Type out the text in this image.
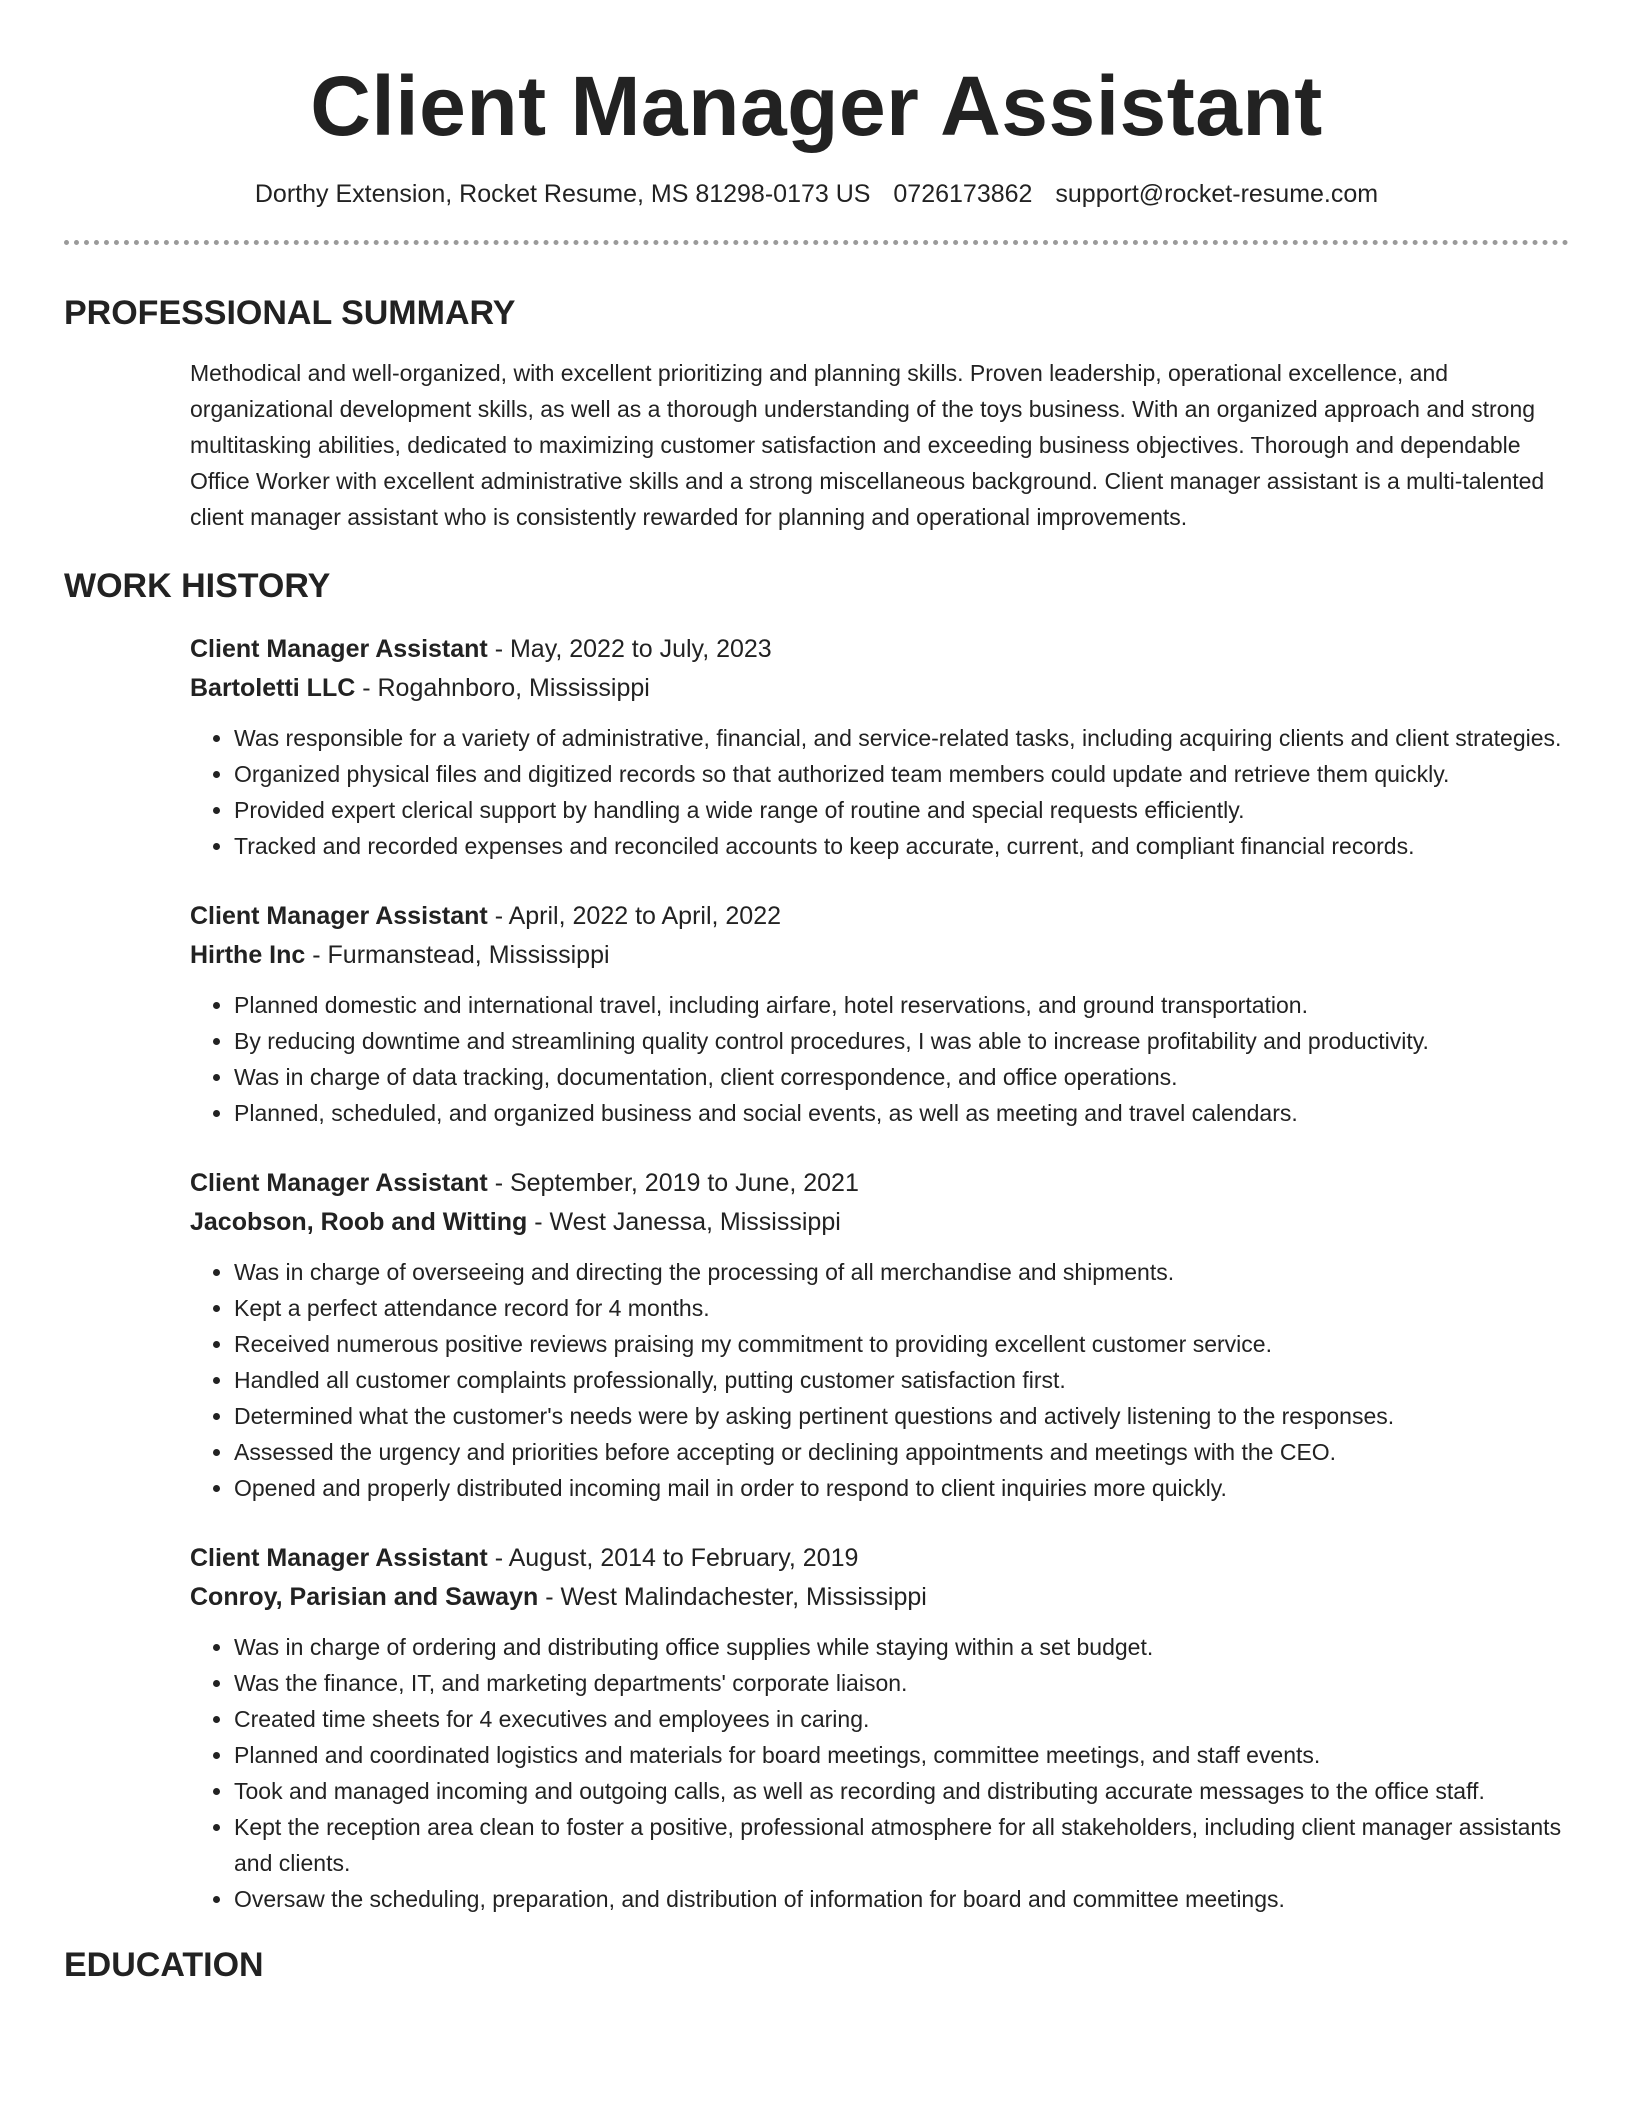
Client Manager Assistant
Dorthy Extension, Rocket Resume, MS 81298-0173 US 0726173862 support@rocket-resume.com
PROFESSIONAL SUMMARY

Methodical and well-organized, with excellent prioritizing and planning skills. Proven leadership, operational excellence, and organizational development skills, as well as a thorough understanding of the toys business. With an organized approach and strong multitasking abilities, dedicated to maximizing customer satisfaction and exceeding business objectives. Thorough and dependable Office Worker with excellent administrative skills and a strong miscellaneous background. Client manager assistant is a multi-talented client manager assistant who is consistently rewarded for planning and operational improvements.

WORK HISTORY
Client Manager Assistant - May, 2022 to July, 2023
Bartoletti LLC - Rogahnboro, Mississippi
• Was responsible for a variety of administrative, financial, and service-related tasks, including acquiring clients and client strategies.
• Organized physical files and digitized records so that authorized team members could update and retrieve them quickly.
• Provided expert clerical support by handling a wide range of routine and special requests efficiently.
• Tracked and recorded expenses and reconciled accounts to keep accurate, current, and compliant financial records.
Client Manager Assistant - April, 2022 to April, 2022
Hirthe Inc - Furmanstead, Mississippi
• Planned domestic and international travel, including airfare, hotel reservations, and ground transportation.
• By reducing downtime and streamlining quality control procedures, I was able to increase profitability and productivity.
• Was in charge of data tracking, documentation, client correspondence, and office operations.
• Planned, scheduled, and organized business and social events, as well as meeting and travel calendars.
Client Manager Assistant - September, 2019 to June, 2021
Jacobson, Roob and Witting - West Janessa, Mississippi
• Was in charge of overseeing and directing the processing of all merchandise and shipments.
• Kept a perfect attendance record for 4 months.
• Received numerous positive reviews praising my commitment to providing excellent customer service.
• Handled all customer complaints professionally, putting customer satisfaction first.
• Determined what the customer's needs were by asking pertinent questions and actively listening to the responses.
• Assessed the urgency and priorities before accepting or declining appointments and meetings with the CEO.
• Opened and properly distributed incoming mail in order to respond to client inquiries more quickly.
Client Manager Assistant - August, 2014 to February, 2019
Conroy, Parisian and Sawayn - West Malindachester, Mississippi
• Was in charge of ordering and distributing office supplies while staying within a set budget.
• Was the finance, IT, and marketing departments' corporate liaison.
• Created time sheets for 4 executives and employees in caring.
• Planned and coordinated logistics and materials for board meetings, committee meetings, and staff events.
• Took and managed incoming and outgoing calls, as well as recording and distributing accurate messages to the office staff.
• Kept the reception area clean to foster a positive, professional atmosphere for all stakeholders, including client manager assistants and clients.
• Oversaw the scheduling, preparation, and distribution of information for board and committee meetings.
EDUCATION
